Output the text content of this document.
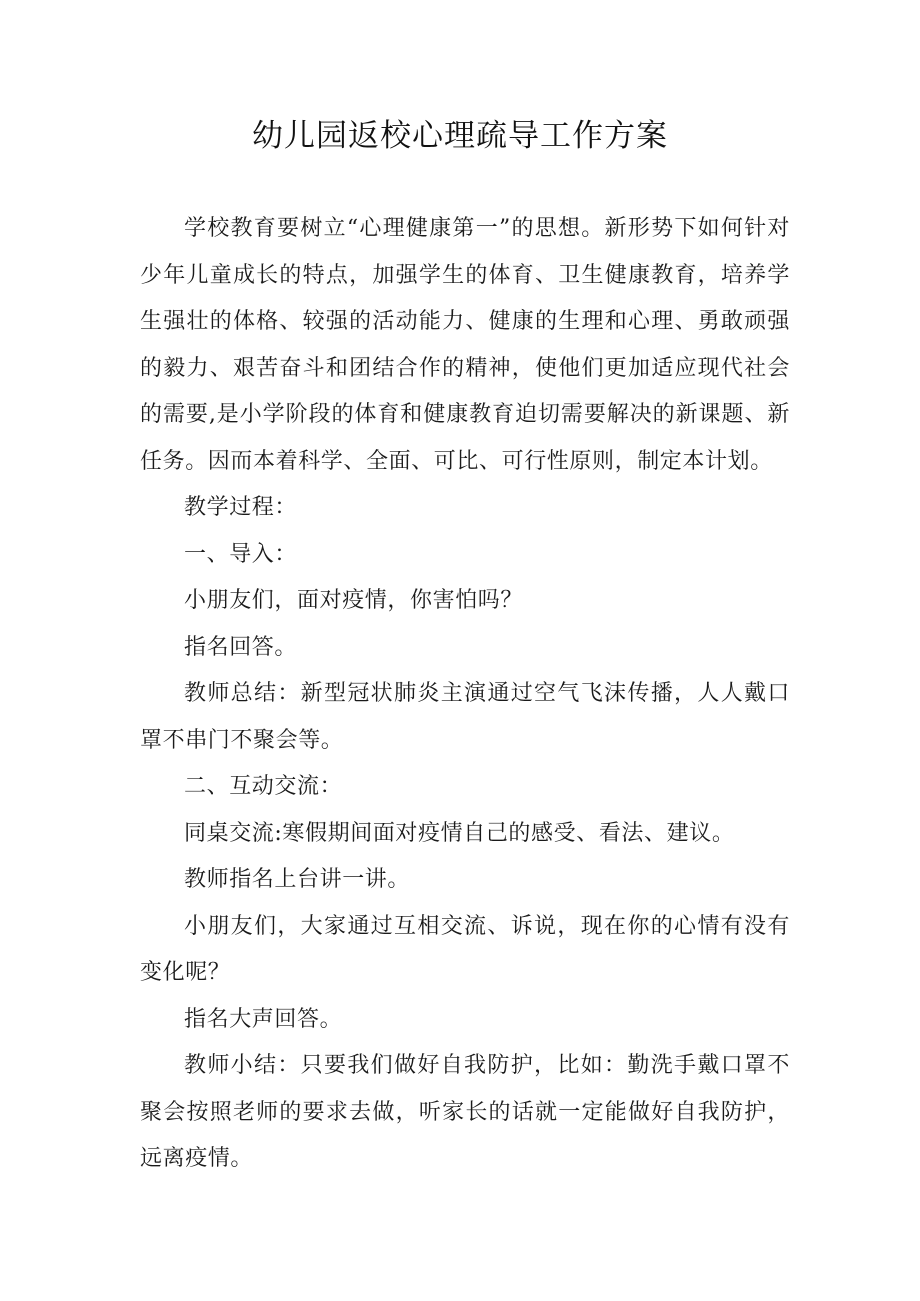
幼儿园返校心理疏导工作方案

学校教育要树立“心理健康第一”的思想。新形势下如何针对少年儿童成长的特点，加强学生的体育、卫生健康教育，培养学生强壮的体格、较强的活动能力、健康的生理和心理、勇敢顽强的毅力、艰苦奋斗和团结合作的精神，使他们更加适应现代社会的需要,是小学阶段的体育和健康教育迫切需要解决的新课题、新任务。因而本着科学、全面、可比、可行性原则，制定本计划。

教学过程：

一、导入：

小朋友们，面对疫情，你害怕吗？

指名回答。

教师总结：新型冠状肺炎主演通过空气飞沫传播，人人戴口罩不串门不聚会等。

二、互动交流：

同桌交流:寒假期间面对疫情自己的感受、看法、建议。

教师指名上台讲一讲。

小朋友们，大家通过互相交流、诉说，现在你的心情有没有变化呢？

指名大声回答。

教师小结：只要我们做好自我防护，比如：勤洗手戴口罩不聚会按照老师的要求去做，听家长的话就一定能做好自我防护，远离疫情。
